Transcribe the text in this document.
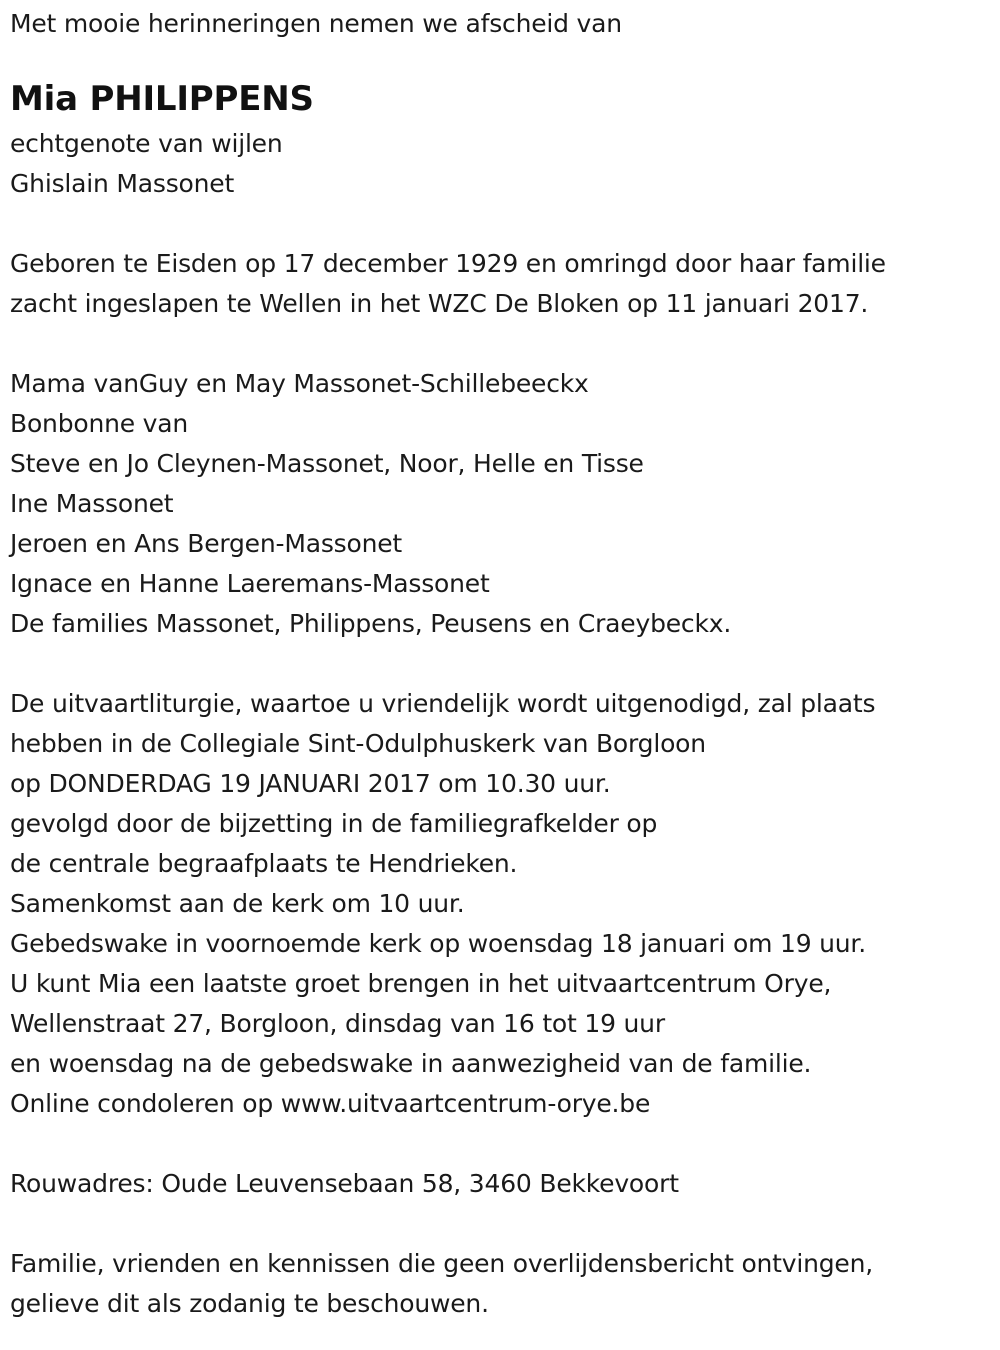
Met mooie herinneringen nemen we afscheid van
Mia PHILIPPENS
echtgenote van wijlen
Ghislain Massonet
Geboren te Eisden op 17 december 1929 en omringd door haar familie
zacht ingeslapen te Wellen in het WZC De Bloken op 11 januari 2017.
Mama vanGuy en May Massonet-Schillebeeckx
Bonbonne van
Steve en Jo Cleynen-Massonet, Noor, Helle en Tisse
Ine Massonet
Jeroen en Ans Bergen-Massonet
Ignace en Hanne Laeremans-Massonet
De families Massonet, Philippens, Peusens en Craeybeckx.
De uitvaartliturgie, waartoe u vriendelijk wordt uitgenodigd, zal plaats
hebben in de Collegiale Sint-Odulphuskerk van Borgloon
op DONDERDAG 19 JANUARI 2017 om 10.30 uur.
gevolgd door de bijzetting in de familiegrafkelder op
de centrale begraafplaats te Hendrieken.
Samenkomst aan de kerk om 10 uur.
Gebedswake in voornoemde kerk op woensdag 18 januari om 19 uur.
U kunt Mia een laatste groet brengen in het uitvaartcentrum Orye,
Wellenstraat 27, Borgloon, dinsdag van 16 tot 19 uur
en woensdag na de gebedswake in aanwezigheid van de familie.
Online condoleren op www.uitvaartcentrum-orye.be
Rouwadres: Oude Leuvensebaan 58, 3460 Bekkevoort
Familie, vrienden en kennissen die geen overlijdensbericht ontvingen,
gelieve dit als zodanig te beschouwen.
